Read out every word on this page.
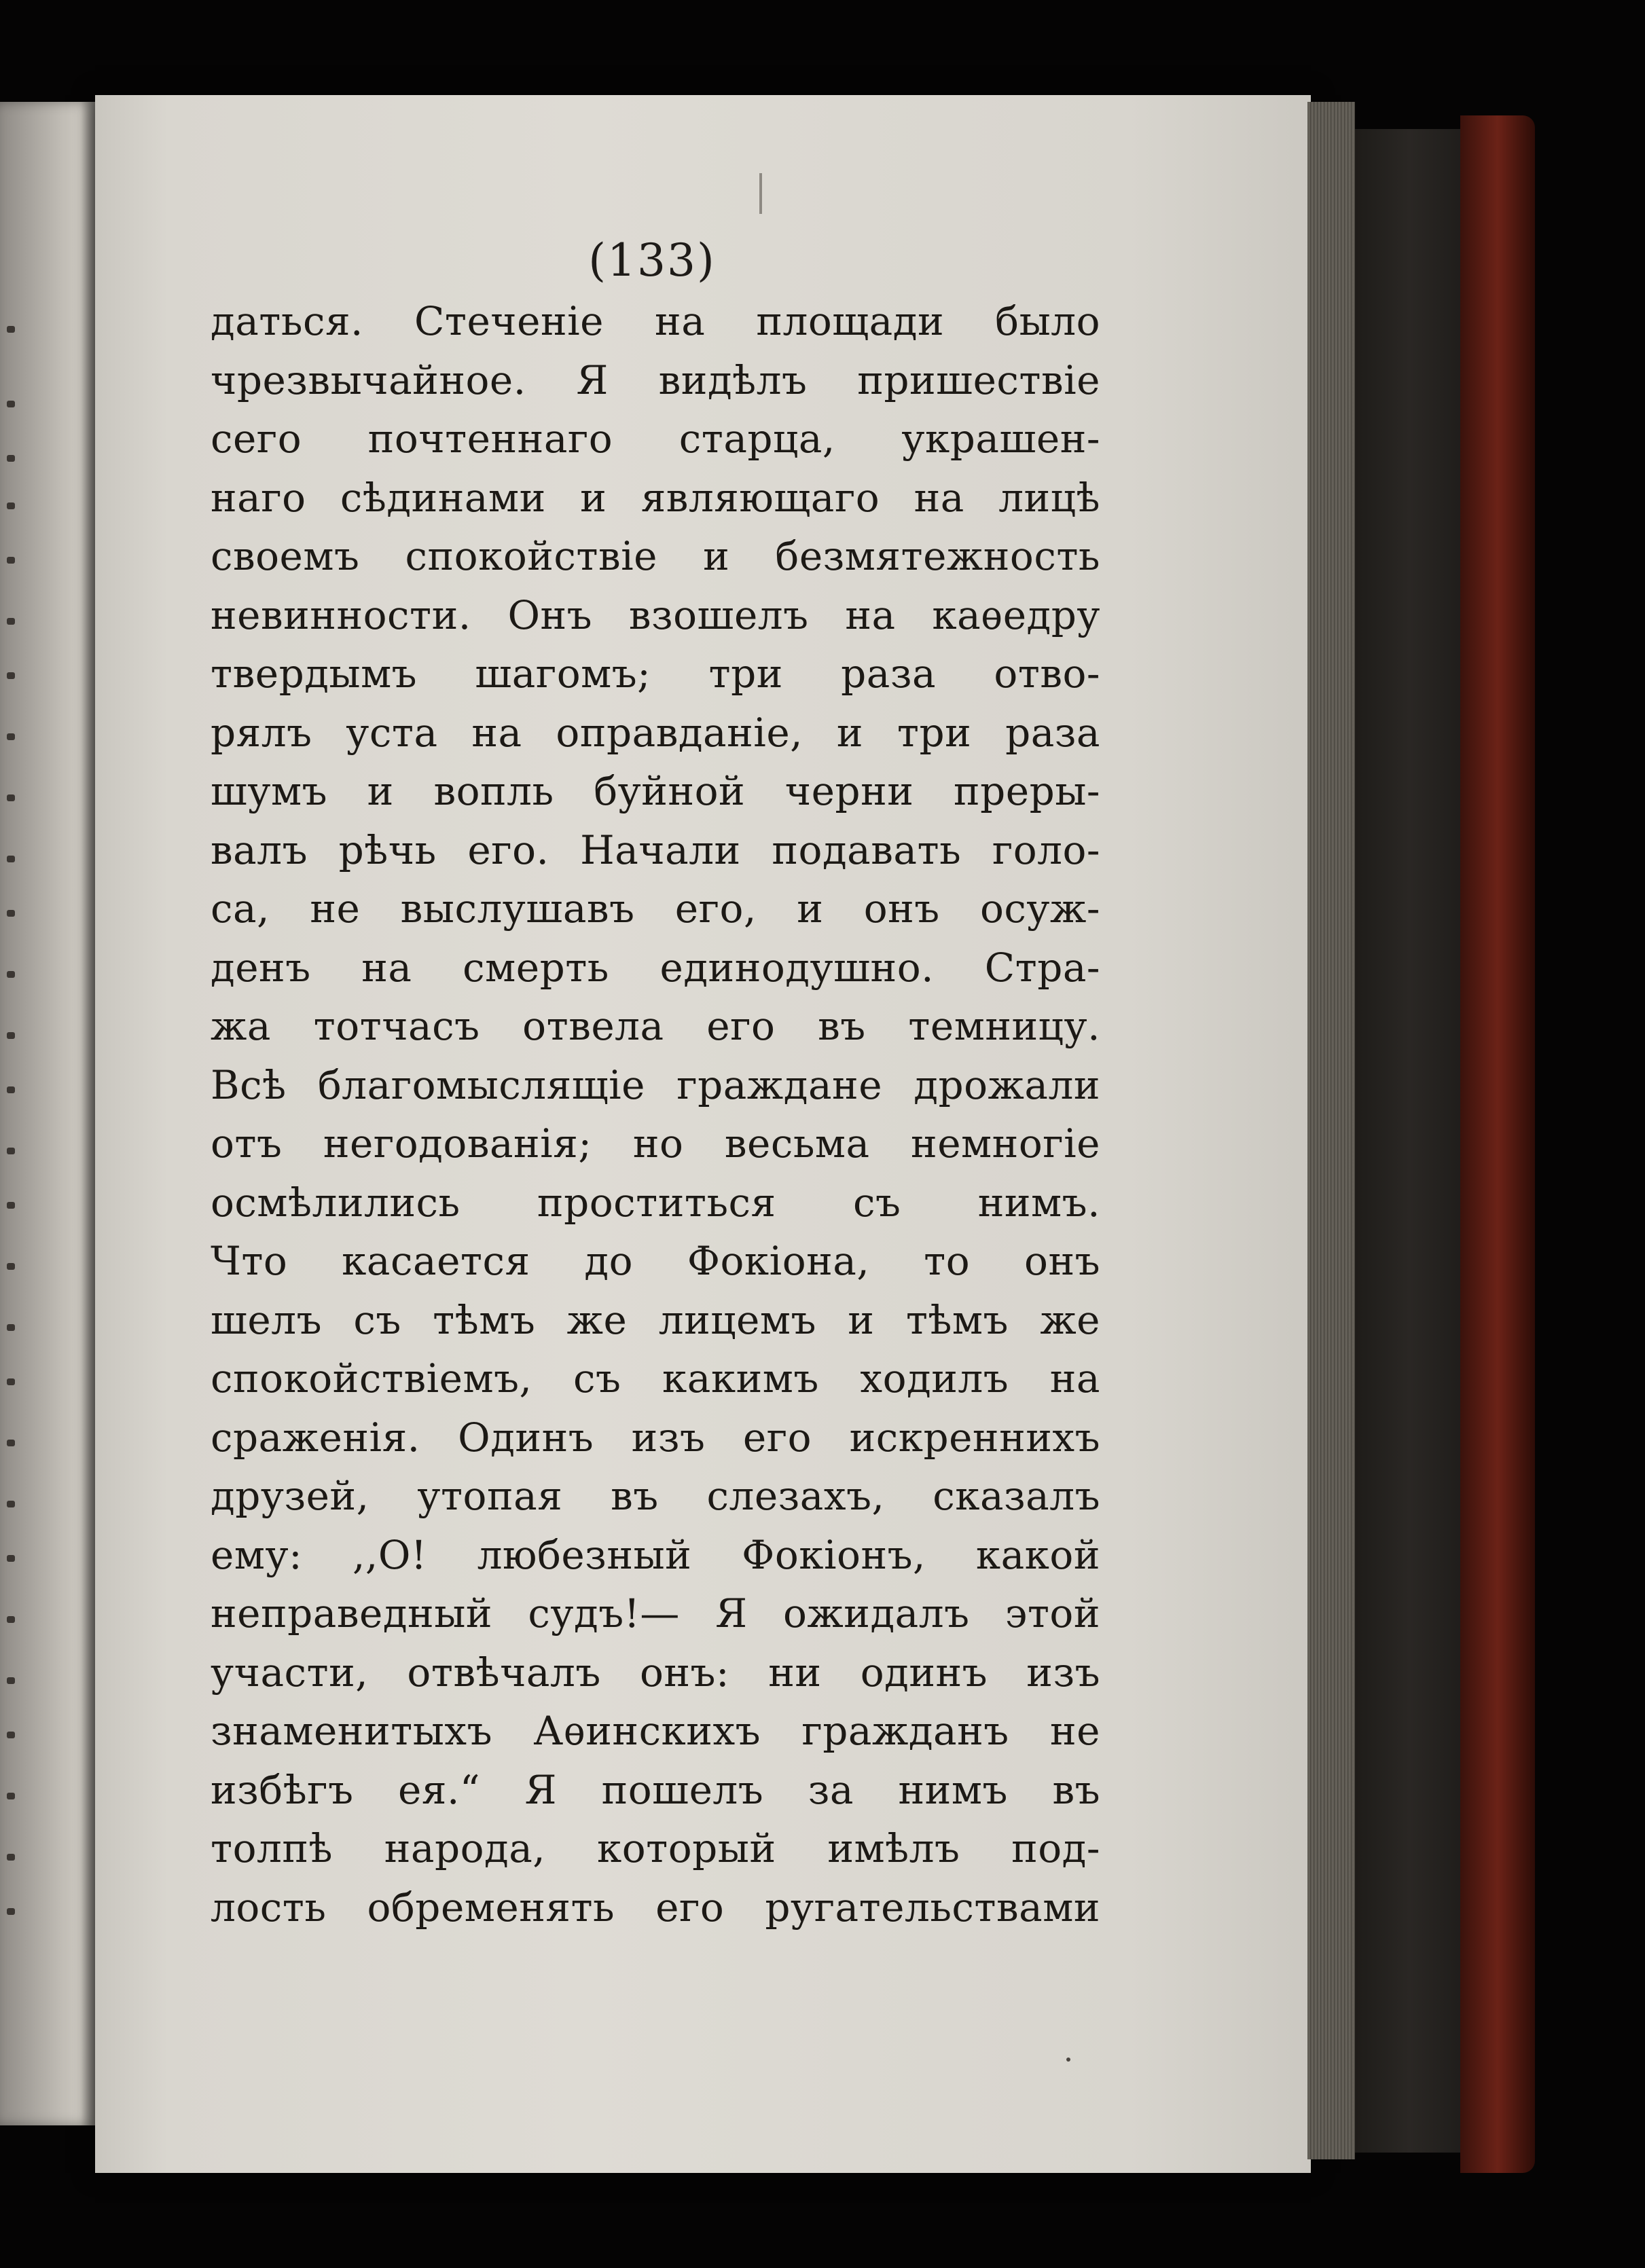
(133)
даться. Стеченіе на площади было
чрезвычайное. Я видѣлъ пришествіе
сего почтеннаго старца, украшен-
наго сѣдинами и являющаго на лицѣ
своемъ спокойствіе и безмятежность
невинности. Онъ взошелъ на каѳедру
твердымъ шагомъ; три раза отво-
рялъ уста на оправданіе, и три раза
шумъ и вопль буйной черни преры-
валъ рѣчь его. Начали подавать голо-
са, не выслушавъ его, и онъ осуж-
денъ на смерть единодушно. Стра-
жа тотчасъ отвела его въ темницу.
Всѣ благомыслящіе граждане дрожали
отъ негодованія; но весьма немногіе
осмѣлились проститься съ нимъ.
Что касается до Фокіона, то онъ
шелъ съ тѣмъ же лицемъ и тѣмъ же
спокойствіемъ, съ какимъ ходилъ на
сраженія. Одинъ изъ его искреннихъ
друзей, утопая въ слезахъ, сказалъ
ему: ,,О! любезный Фокіонъ, какой
неправедный судъ!— Я ожидалъ этой
участи, отвѣчалъ онъ: ни одинъ изъ
знаменитыхъ Аѳинскихъ гражданъ не
избѣгъ ея.“ Я пошелъ за нимъ въ
толпѣ народа, который имѣлъ под-
лость обременять его ругательствами
